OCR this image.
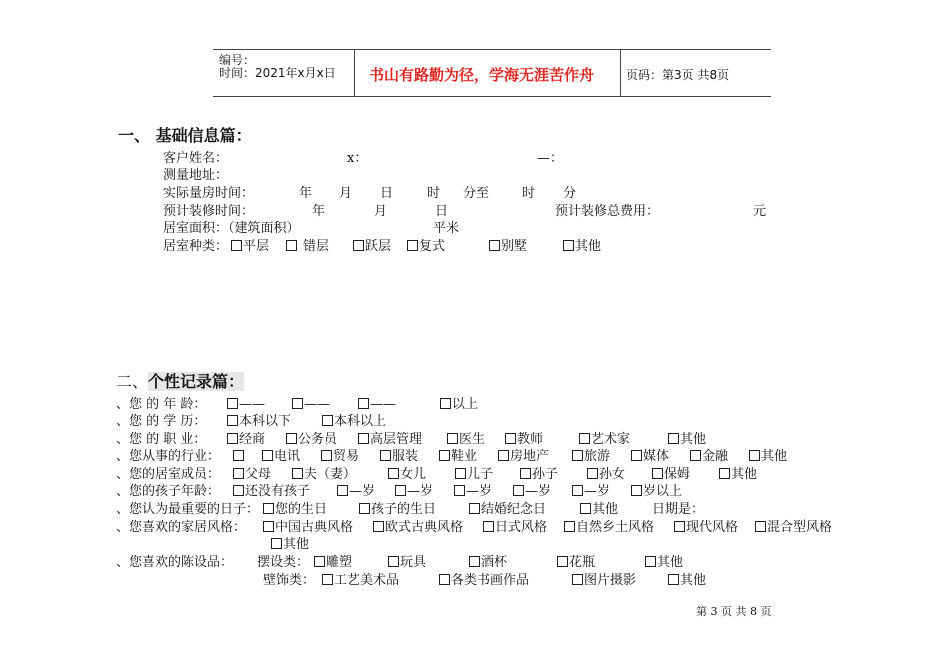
编号：
时间：2021年x月x日 书山有路勤为径，学海无涯苦作舟	页码：第3页 共8页
一、 基础信息篇：
客户姓名：	x：	—：
测量地址：
实际量房时间：	年 月 日	时 分至	时 分
预计装修时间：	年	月	日	预计装修总费用：	元
居室面积：（建筑面积）	平米
居室种类：	平层	错层	跃层	复式	别墅	其他
二、个性记录篇：
、您 的 年 龄：	——	——	——	以上
、您 的 学 历：	本科以下	本科以上
、您 的 职 业：	经商	公务员	高层管理	医生	教师	艺术家	其他
、您从事的行业：	电讯	贸易	服装	鞋业	房地产	旅游	媒体	金融	其他
、您的居室成员：	父母	夫（妻）	女儿	儿子	孙子	孙女	保姆	其他
、您的孩子年龄：	还没有孩子	—岁	—岁	—岁	—岁	—岁	岁以上
、您认为最重要的日子：	您的生日	孩子的生日	结婚纪念日	其他	日期是：
、您喜欢的家居风格：	中国古典风格	欧式古典风格	日式风格	自然乡土风格	现代风格	混合型风格
其他
、您喜欢的陈设品： 摆设类：	雕塑	玩具	酒杯	花瓶	其他
壁饰类：	工艺美术品	各类书画作品	图片摄影	其他
第 3 页 共 8 页
